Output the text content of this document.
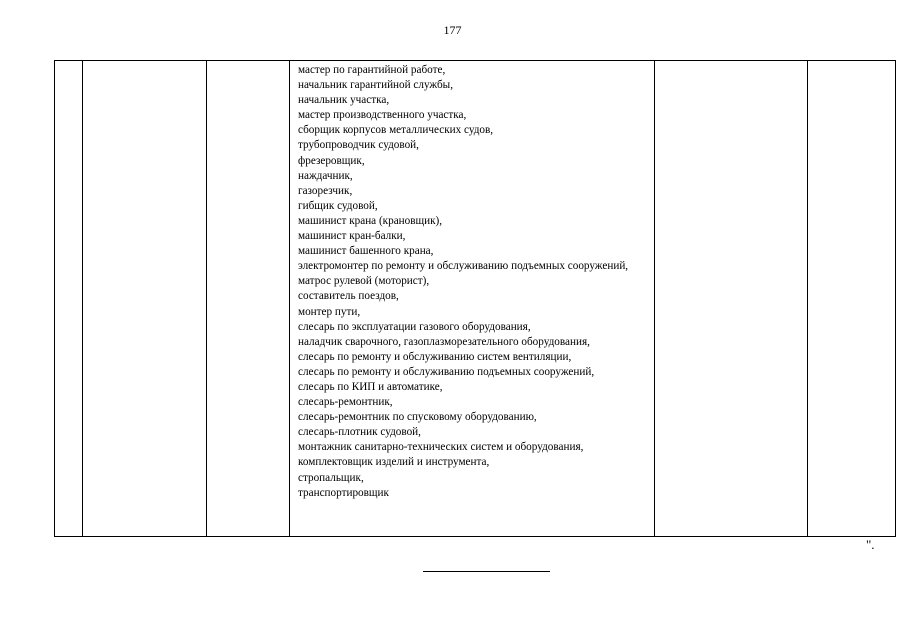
177

мастер по гарантийной работе,
начальник гарантийной службы,
начальник участка,
мастер производственного участка,
сборщик корпусов металлических судов,
трубопроводчик судовой,
фрезеровщик,
наждачник,
газорезчик,
гибщик судовой,
машинист крана (крановщик),
машинист кран-балки,
машинист башенного крана,
электромонтер по ремонту и обслуживанию подъемных сооружений,
матрос рулевой (моторист),
составитель поездов,
монтер пути,
слесарь по эксплуатации газового оборудования,
наладчик сварочного, газоплазморезательного оборудования,
слесарь по ремонту и обслуживанию систем вентиляции,
слесарь по ремонту и обслуживанию подъемных сооружений,
слесарь по КИП и автоматике,
слесарь-ремонтник,
слесарь-ремонтник по спусковому оборудованию,
слесарь-плотник судовой,
монтажник санитарно-технических систем и оборудования,
комплектовщик изделий и инструмента,
стропальщик,
транспортировщик

".
